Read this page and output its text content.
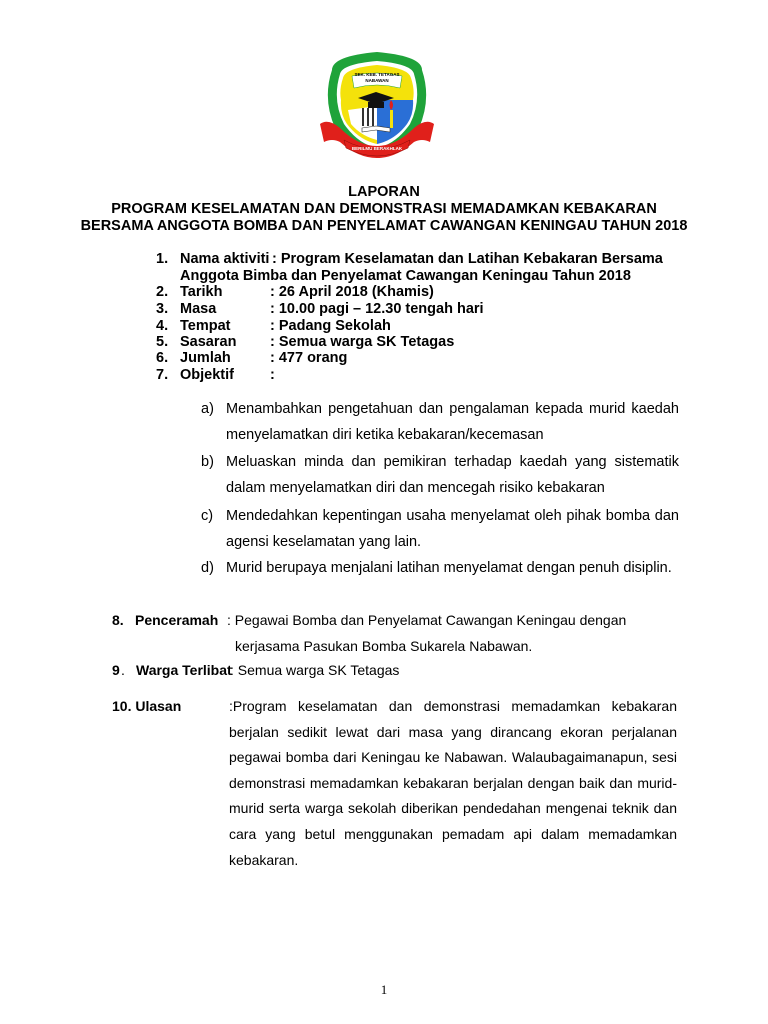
SEK. KEB. TETAGAS
NABAWAN
BERILMU BERAKHLAK
LAPORAN
PROGRAM KESELAMATAN DAN DEMONSTRASI MEMADAMKAN KEBAKARAN
BERSAMA ANGGOTA BOMBA DAN PENYELAMAT CAWANGAN KENINGAU TAHUN 2018
1. Nama aktiviti : Program Keselamatan dan Latihan Kebakaran Bersama
Anggota Bimba dan Penyelamat Cawangan Keningau Tahun 2018
2. Tarikh	: 26 April 2018 (Khamis)
3. Masa	: 10.00 pagi – 12.30 tengah hari
4. Tempat	: Padang Sekolah
5. Sasaran : Semua warga SK Tetagas
6. Jumlah	: 477 orang
7. Objektif :
a) Menambahkan pengetahuan dan pengalaman kepada murid kaedah menyelamatkan diri ketika kebakaran/kecemasan
b) Meluaskan minda dan pemikiran terhadap kaedah yang sistematik dalam menyelamatkan diri dan mencegah risiko kebakaran
c) Mendedahkan kepentingan usaha menyelamat oleh pihak bomba dan agensi keselamatan yang lain.
d) Murid berupaya menjalani latihan menyelamat dengan penuh disiplin.
8. Penceramah : Pegawai Bomba dan Penyelamat Cawangan Keningau dengan
kerjasama Pasukan Bomba Sukarela Nabawan.
9 . Warga Terlibat
: Semua warga SK Tetagas
10. Ulasan	:Program keselamatan dan demonstrasi memadamkan kebakaran berjalan sedikit lewat dari masa yang dirancang ekoran perjalanan pegawai bomba dari Keningau ke Nabawan. Walaubagaimanapun, sesi demonstrasi memadamkan kebakaran berjalan dengan baik dan murid-murid serta warga sekolah diberikan pendedahan mengenai teknik dan cara yang betul menggunakan pemadam api dalam memadamkan kebakaran.
1
